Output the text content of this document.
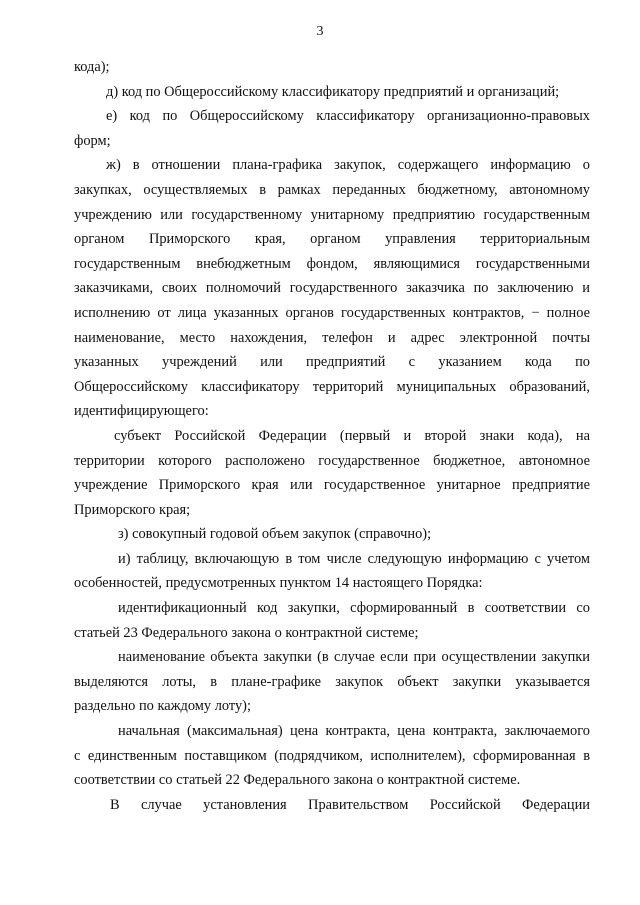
3
кода);
д) код по Общероссийскому классификатору предприятий и организаций;
е) код по Общероссийскому классификатору организационно-правовых
форм;
ж) в отношении плана-графика закупок, содержащего информацию о
закупках, осуществляемых в рамках переданных бюджетному, автономному
учреждению или государственному унитарному предприятию государственным
органом Приморского края, органом управления территориальным
государственным внебюджетным фондом, являющимися государственными
заказчиками, своих полномочий государственного заказчика по заключению и
исполнению от лица указанных органов государственных контрактов, − полное
наименование, место нахождения, телефон и адрес электронной почты
указанных учреждений или предприятий с указанием кода по
Общероссийскому классификатору территорий муниципальных образований,
идентифицирующего:
субъект Российской Федерации (первый и второй знаки кода), на
территории которого расположено государственное бюджетное, автономное
учреждение Приморского края или государственное унитарное предприятие
Приморского края;
з) совокупный годовой объем закупок (справочно);
и) таблицу, включающую в том числе следующую информацию с учетом
особенностей, предусмотренных пунктом 14 настоящего Порядка:
идентификационный код закупки, сформированный в соответствии со
статьей 23 Федерального закона о контрактной системе;
наименование объекта закупки (в случае если при осуществлении закупки
выделяются лоты, в плане-графике закупок объект закупки указывается
раздельно по каждому лоту);
начальная (максимальная) цена контракта, цена контракта, заключаемого
с единственным поставщиком (подрядчиком, исполнителем), сформированная в
соответствии со статьей 22 Федерального закона о контрактной системе.
В случае установления Правительством Российской Федерации
